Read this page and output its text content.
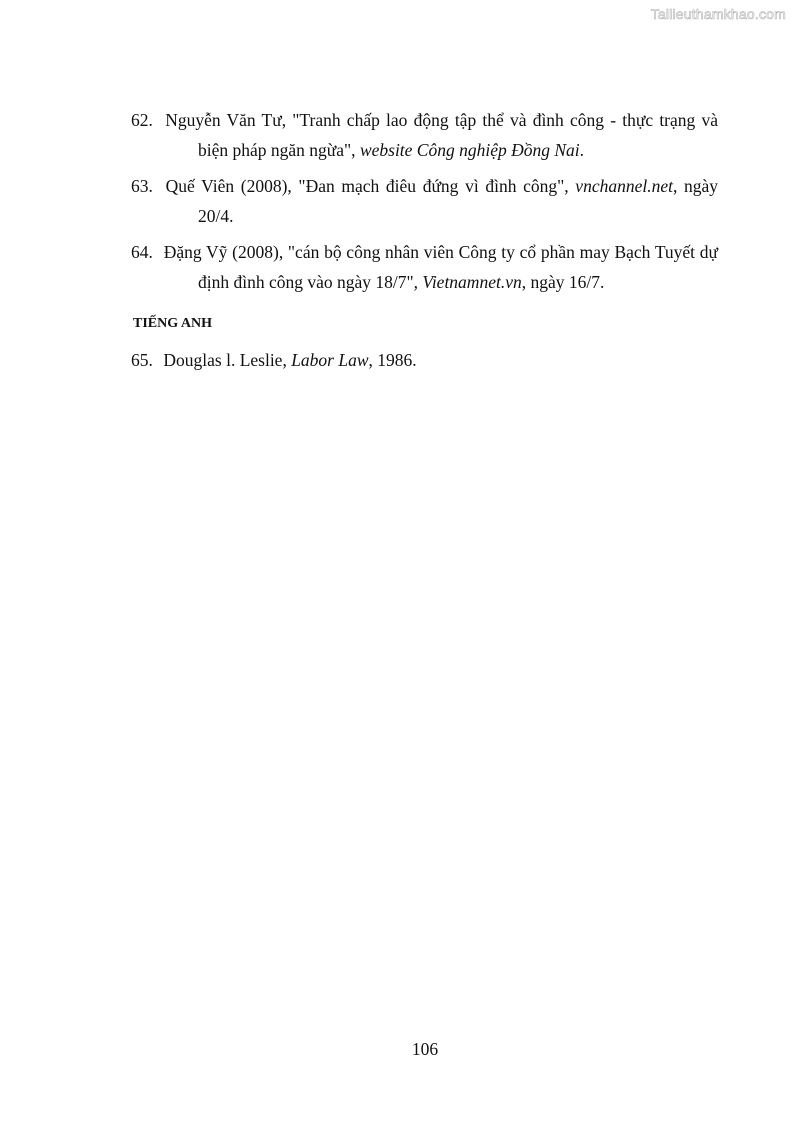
Tailieuthamkhao.com

62. Nguyễn Văn Tư, "Tranh chấp lao động tập thể và đình công - thực trạng và biện pháp ngăn ngừa", website Công nghiệp Đồng Nai.

63. Quế Viên (2008), "Đan mạch điêu đứng vì đình công", vnchannel.net, ngày 20/4.

64. Đặng Vỹ (2008), "cán bộ công nhân viên Công ty cổ phần may Bạch Tuyết dự định đình công vào ngày 18/7", Vietnamnet.vn, ngày 16/7.

TIẾNG ANH

65. Douglas l. Leslie, Labor Law, 1986.

106
